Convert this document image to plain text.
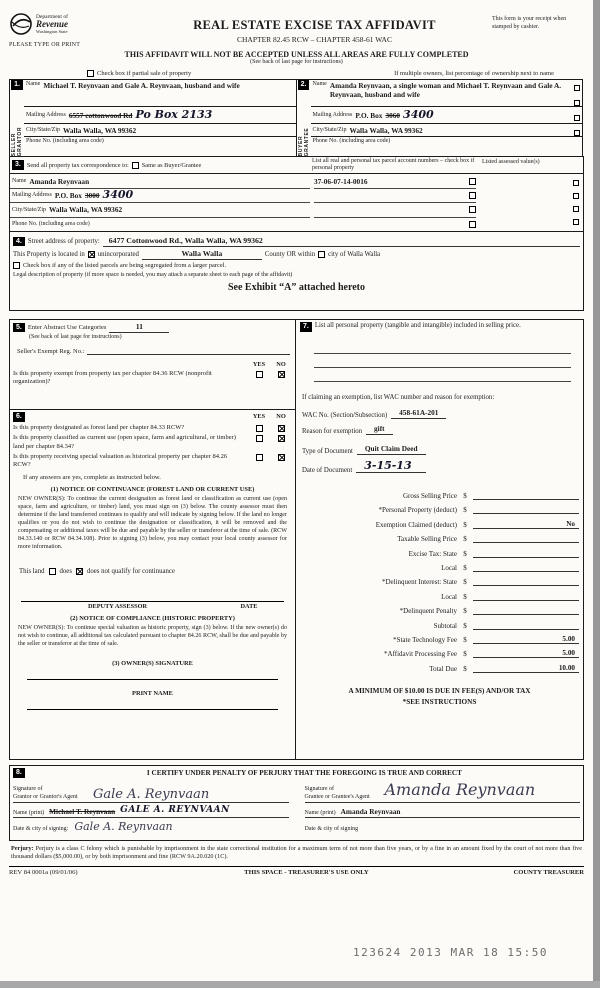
Department of
Revenue
Washington State
PLEASE TYPE OR PRINT
REAL ESTATE EXCISE TAX AFFIDAVIT
CHAPTER 82.45 RCW – CHAPTER 458-61 WAC
This form is your receipt when stamped by cashier.
THIS AFFIDAVIT WILL NOT BE ACCEPTED UNLESS ALL AREAS ARE FULLY COMPLETED
(See back of last page for instructions)
Check box if partial sale of property	If multiple owners, list percentage of ownership next to name
1.
SELLER GRANTOR
Name Michael T. Reynvaan and Gale A. Reynvaan, husband and wife
Mailing Address 6557 cottonwood Rd Po Box 2133
City/State/Zip Walla Walla, WA 99362
Phone No. (including area code)
2.
BUYER GRANTEE
Name Amanda Reynvaan, a single woman and Michael T. Reynvaan and Gale A. Reynvaan, husband and wife
Mailing Address P.O. Box 3060 3400
City/State/Zip Walla Walla, WA 99362
Phone No. (including area code)
3. Send all property tax correspondence to: Same as Buyer/Grantee
List all real and personal tax parcel account numbers – check box if personal property
Listed assessed value(s)
Name Amanda Reynvaan
Mailing Address P.O. Box 3000 3400
City/State/Zip Walla Walla, WA 99362
Phone No. (including area code)
37-06-07-14-0016
4. Street address of property:	6477 Cottonwood Rd., Walla Walla, WA 99362
This Property is located in unincorporated	Walla Walla	County OR within city of Walla Walla
Check box if any of the listed parcels are being segregated from a larger parcel.
Legal description of property (if more space is needed, you may attach a separate sheet to each page of the affidavit)
See Exhibit “A” attached hereto
5. Enter Abstract Use Categories	11
(See back of last page for instructions)
Seller's Exempt Reg. No.:
YES	NO
Is this property exempt from property tax per chapter 84.36 RCW (nonprofit organization)?
6.	YES	NO
Is this property designated as forest land per chapter 84.33 RCW?
Is this property classified as current use (open space, farm and agricultural, or timber) land per chapter 84.34?
Is this property receiving special valuation as historical property per chapter 84.26 RCW?
If any answers are yes, complete as instructed below.
(1) NOTICE OF CONTINUANCE (FOREST LAND OR CURRENT USE)

NEW OWNER(S): To continue the current designation as forest land or classification as current use (open space, farm and agriculture, or timber) land, you must sign on (3) below. The county assessor must then determine if the land transferred continues to qualify and will indicate by signing below. If the land no longer qualifies or you do not wish to continue the designation or classification, it will be removed and the compensating or additional taxes will be due and payable by the seller or transferor at the time of sale. (RCW 84.33.140 or RCW 84.34.108). Prior to signing (3) below, you may contact your local county assessor for more information.

This land does does not qualify for continuance
DEPUTY ASSESSOR	DATE
(2) NOTICE OF COMPLIANCE (HISTORIC PROPERTY)

NEW OWNER(S): To continue special valuation as historic property, sign (3) below. If the new owner(s) do not wish to continue, all additional tax calculated pursuant to chapter 84.26 RCW, shall be due and payable by the seller or transferor at the time of sale.

(3) OWNER(S) SIGNATURE
PRINT NAME
7. List all personal property (tangible and intangible) included in selling price.
If claiming an exemption, list WAC number and reason for exemption:
WAC No. (Section/Subsection)	458-61A-201
Reason for exemption	gift
Type of Document	Quit Claim Deed
Date of Document	3-15-13
Gross Selling Price $
*Personal Property (deduct) $
Exemption Claimed (deduct) $	No
Taxable Selling Price $
Excise Tax: State $
Local $
*Delinquent Interest: State $
Local $
*Delinquent Penalty $
Subtotal $
*State Technology Fee $	5.00
*Affidavit Processing Fee $	5.00
Total Due $	10.00
A MINIMUM OF $10.00 IS DUE IN FEE(S) AND/OR TAX
*SEE INSTRUCTIONS
8.	I CERTIFY UNDER PENALTY OF PERJURY THAT THE FOREGOING IS TRUE AND CORRECT
Signature of
Grantor or Grantor's Agent	Gale A. Reynvaan
Name (print) Michael T. Reynvaan GALE A. REYNVAAN
Date & city of signing: Gale A. Reynvaan
Signature of
Grantee or Grantee's Agent Amanda Reynvaan
Name (print) Amanda Reynvaan
Date & city of signing

Perjury: Perjury is a class C felony which is punishable by imprisonment in the state correctional institution for a maximum term of not more than five years, or by a fine in an amount fixed by the court of not more than five thousand dollars ($5,000.00), or by both imprisonment and fine (RCW 9A.20.020 (1C).

REV 84 0001a (09/01/06)	THIS SPACE - TREASURER'S USE ONLY	COUNTY TREASURER
123624 2013 MAR 18 15:50
